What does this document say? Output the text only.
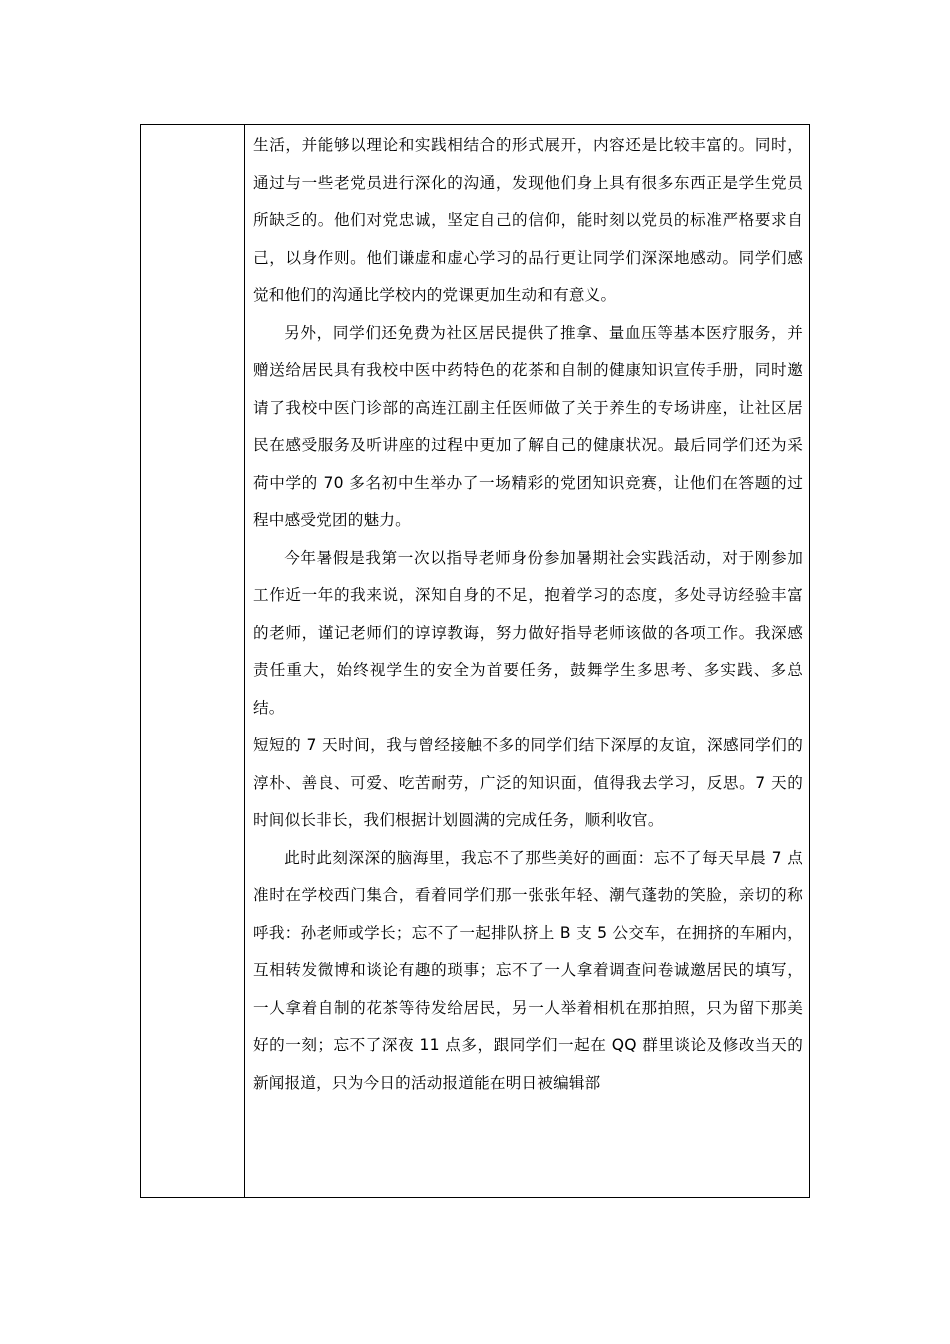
生活，并能够以理论和实践相结合的形式展开，内容还是比较丰富的。同时，通过与一些老党员进行深化的沟通，发现他们身上具有很多东西正是学生党员所缺乏的。他们对党忠诚，坚定自己的信仰，能时刻以党员的标准严格要求自己，以身作则。他们谦虚和虚心学习的品行更让同学们深深地感动。同学们感觉和他们的沟通比学校内的党课更加生动和有意义。

另外，同学们还免费为社区居民提供了推拿、量血压等基本医疗服务，并赠送给居民具有我校中医中药特色的花茶和自制的健康知识宣传手册，同时邀请了我校中医门诊部的高连江副主任医师做了关于养生的专场讲座，让社区居民在感受服务及听讲座的过程中更加了解自己的健康状况。最后同学们还为采荷中学的 70 多名初中生举办了一场精彩的党团知识竞赛，让他们在答题的过程中感受党团的魅力。

今年暑假是我第一次以指导老师身份参加暑期社会实践活动，对于刚参加工作近一年的我来说，深知自身的不足，抱着学习的态度，多处寻访经验丰富的老师，谨记老师们的谆谆教诲，努力做好指导老师该做的各项工作。我深感责任重大，始终视学生的安全为首要任务，鼓舞学生多思考、多实践、多总结。

短短的 7 天时间，我与曾经接触不多的同学们结下深厚的友谊，深感同学们的淳朴、善良、可爱、吃苦耐劳，广泛的知识面，值得我去学习，反思。7 天的时间似长非长，我们根据计划圆满的完成任务，顺利收官。

此时此刻深深的脑海里，我忘不了那些美好的画面：忘不了每天早晨 7 点准时在学校西门集合，看着同学们那一张张年轻、潮气蓬勃的笑脸，亲切的称呼我：孙老师或学长；忘不了一起排队挤上 B 支 5 公交车，在拥挤的车厢内，互相转发微博和谈论有趣的琐事；忘不了一人拿着调查问卷诚邀居民的填写，一人拿着自制的花茶等待发给居民，另一人举着相机在那拍照，只为留下那美好的一刻；忘不了深夜 11 点多，跟同学们一起在 QQ 群里谈论及修改当天的新闻报道，只为今日的活动报道能在明日被编辑部
